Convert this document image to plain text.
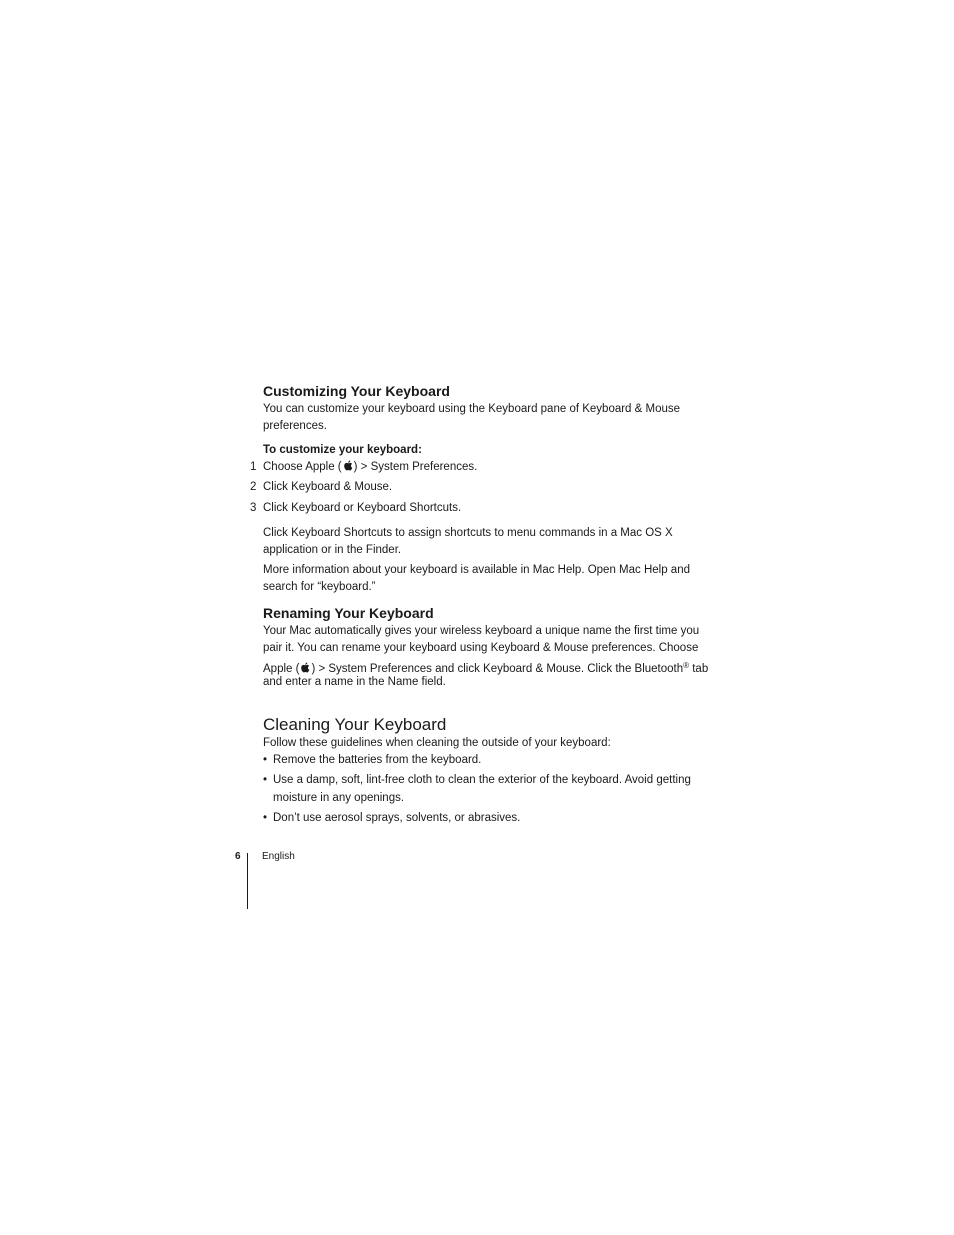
Customizing Your Keyboard
You can customize your keyboard using the Keyboard pane of Keyboard & Mouse
preferences.
To customize your keyboard:
1 Choose Apple ( ) > System Preferences.
2 Click Keyboard & Mouse.
3 Click Keyboard or Keyboard Shortcuts.
Click Keyboard Shortcuts to assign shortcuts to menu commands in a Mac OS X
application or in the Finder.
More information about your keyboard is available in Mac Help. Open Mac Help and
search for “keyboard.”
Renaming Your Keyboard
Your Mac automatically gives your wireless keyboard a unique name the first time you
pair it. You can rename your keyboard using Keyboard & Mouse preferences. Choose
Apple ( ) > System Preferences and click Keyboard & Mouse. Click the Bluetooth® tab
and enter a name in the Name field.
Cleaning Your Keyboard
Follow these guidelines when cleaning the outside of your keyboard:
• Remove the batteries from the keyboard.
• Use a damp, soft, lint-free cloth to clean the exterior of the keyboard. Avoid getting
moisture in any openings.
• Don’t use aerosol sprays, solvents, or abrasives.
6 English
